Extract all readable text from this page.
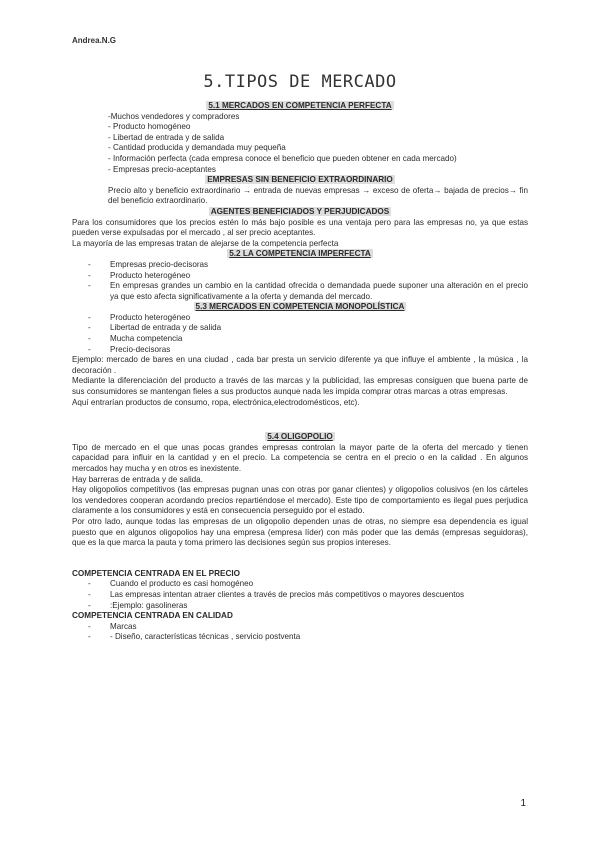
Andrea.N.G
5.TIPOS DE MERCADO
5.1 MERCADOS EN COMPETENCIA PERFECTA

-Muchos vendedores y compradores

- Producto homogéneo

- Libertad de entrada y de salida

- Cantidad producida y demandada muy pequeña

- Información perfecta (cada empresa conoce el beneficio que pueden obtener en cada mercado)

- Empresas precio-aceptantes

EMPRESAS SIN BENEFICIO EXTRAORDINARIO

Precio alto y beneficio extraordinario → entrada de nuevas empresas → exceso de oferta→ bajada de precios→ fin del beneficio extraordinario.

AGENTES BENEFICIADOS Y PERJUDICADOS

Para los consumidores que los precios estén lo más bajo posible es una ventaja pero para las empresas no, ya que estas pueden verse expulsadas por el mercado , al ser precio aceptantes.

La mayoría de las empresas tratan de alejarse de la competencia perfecta

5.2 LA COMPETENCIA IMPERFECTA
- Empresas precio-decisoras
- Producto heterogéneo
- En empresas grandes un cambio en la cantidad ofrecida o demandada puede suponer una alteración en el precio ya que esto afecta significativamente a la oferta y demanda del mercado.
5.3 MERCADOS EN COMPETENCIA MONOPOLÍSTICA
- Producto heterogéneo
- Libertad de entrada y de salida
- Mucha competencia
- Precio-decisoras

Ejemplo: mercado de bares en una ciudad , cada bar presta un servicio diferente ya que influye el ambiente , la música , la decoración .

Mediante la diferenciación del producto a través de las marcas y la publicidad, las empresas consiguen que buena parte de sus consumidores se mantengan fieles a sus productos aunque nada les impida comprar otras marcas a otras empresas.

Aquí entrarían productos de consumo, ropa, electrónica,electrodomésticos, etc).

5.4 OLIGOPOLIO

Tipo de mercado en el que unas pocas grandes empresas controlan la mayor parte de la oferta del mercado y tienen capacidad para influir en la cantidad y en el precio. La competencia se centra en el precio o en la calidad . En algunos mercados hay mucha y en otros es inexistente.

Hay barreras de entrada y de salida.

Hay oligopolios competitivos (las empresas pugnan unas con otras por ganar clientes) y oligopolios colusivos (en los cárteles los vendedores cooperan acordando precios repartiéndose el mercado). Este tipo de comportamiento es ilegal pues perjudica claramente a los consumidores y está en consecuencia perseguido por el estado.

Por otro lado, aunque todas las empresas de un oligopolio dependen unas de otras, no siempre esa dependencia es igual puesto que en algunos oligopolios hay una empresa (empresa líder) con más poder que las demás (empresas seguidoras), que es la que marca la pauta y toma primero las decisiones según sus propios intereses.

COMPETENCIA CENTRADA EN EL PRECIO

- Cuando el producto es casi homogéneo
- Las empresas intentan atraer clientes a través de precios más competitivos o mayores descuentos
- :Ejemplo: gasolineras

COMPETENCIA CENTRADA EN CALIDAD

- Marcas
- - Diseño, características técnicas , servicio postventa
1
